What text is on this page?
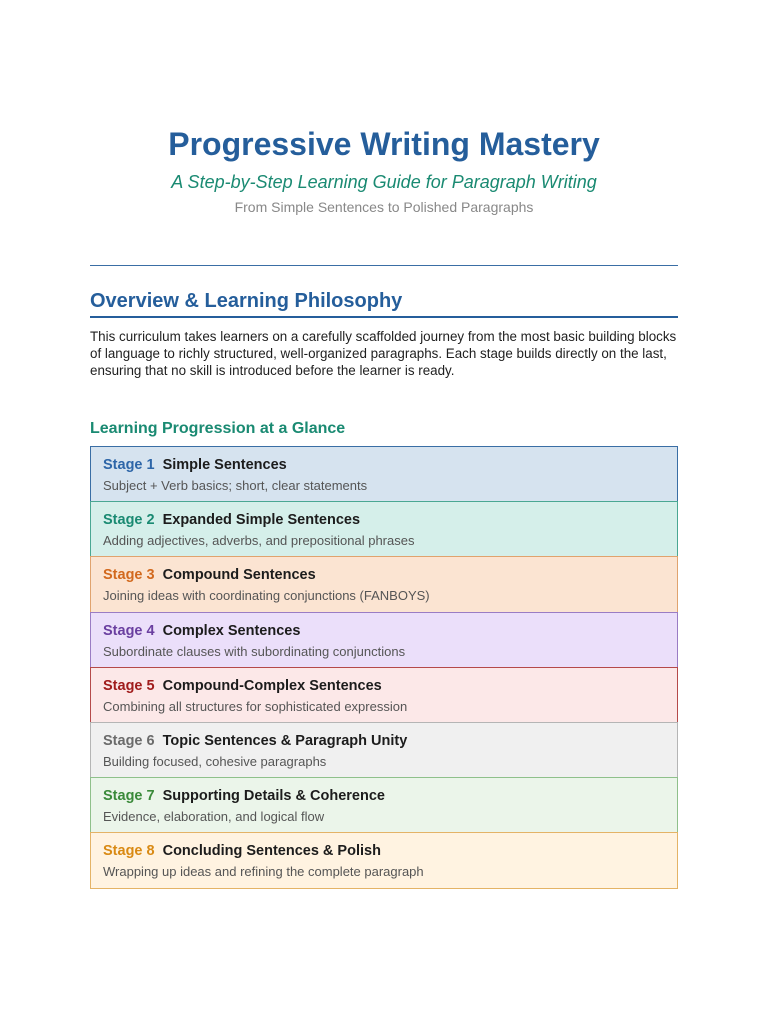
Progressive Writing Mastery

A Step-by-Step Learning Guide for Paragraph Writing

From Simple Sentences to Polished Paragraphs

Overview & Learning Philosophy

This curriculum takes learners on a carefully scaffolded journey from the most basic building blocks of language to richly structured, well-organized paragraphs. Each stage builds directly on the last, ensuring that no skill is introduced before the learner is ready.

Learning Progression at a Glance
Stage 1 Simple Sentences
Subject + Verb basics; short, clear statements
Stage 2 Expanded Simple Sentences
Adding adjectives, adverbs, and prepositional phrases
Stage 3 Compound Sentences
Joining ideas with coordinating conjunctions (FANBOYS)
Stage 4 Complex Sentences
Subordinate clauses with subordinating conjunctions
Stage 5 Compound-Complex Sentences
Combining all structures for sophisticated expression
Stage 6 Topic Sentences & Paragraph Unity
Building focused, cohesive paragraphs
Stage 7 Supporting Details & Coherence
Evidence, elaboration, and logical flow
Stage 8 Concluding Sentences & Polish
Wrapping up ideas and refining the complete paragraph
